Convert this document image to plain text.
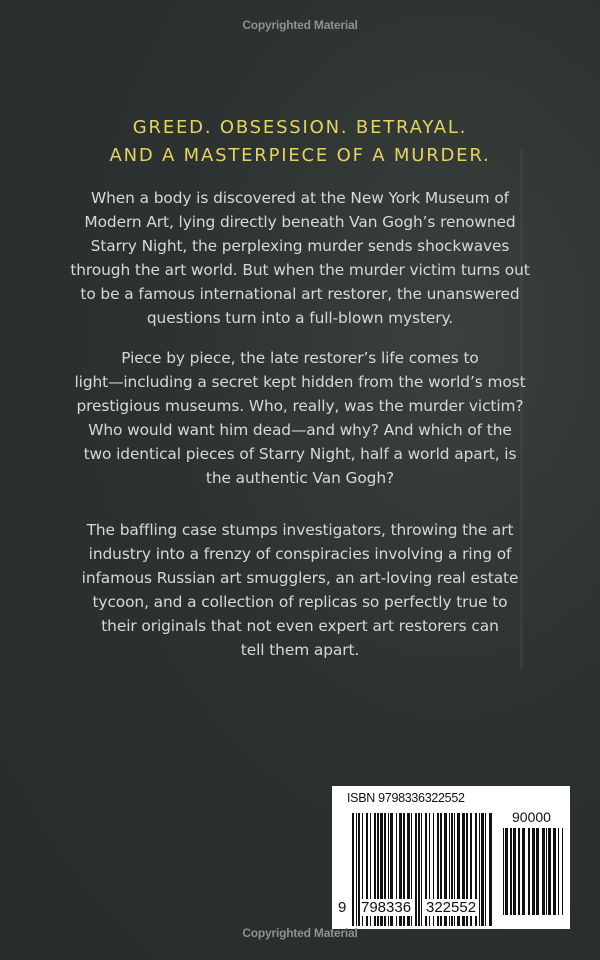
Copyrighted Material
GREED. OBSESSION. BETRAYAL.
AND A MASTERPIECE OF A MURDER.
When a body is discovered at the New York Museum of
Modern Art, lying directly beneath Van Gogh’s renowned
Starry Night, the perplexing murder sends shockwaves
through the art world. But when the murder victim turns out
to be a famous international art restorer, the unanswered
questions turn into a full-blown mystery.
Piece by piece, the late restorer’s life comes to
light—including a secret kept hidden from the world’s most
prestigious museums. Who, really, was the murder victim?
Who would want him dead—and why? And which of the
two identical pieces of Starry Night, half a world apart, is
the authentic Van Gogh?
The baffling case stumps investigators, throwing the art
industry into a frenzy of conspiracies involving a ring of
infamous Russian art smugglers, an art-loving real estate
tycoon, and a collection of replicas so perfectly true to
their originals that not even expert art restorers can
tell them apart.
ISBN 9798336322552
90000
9 798336 322552
Copyrighted Material
